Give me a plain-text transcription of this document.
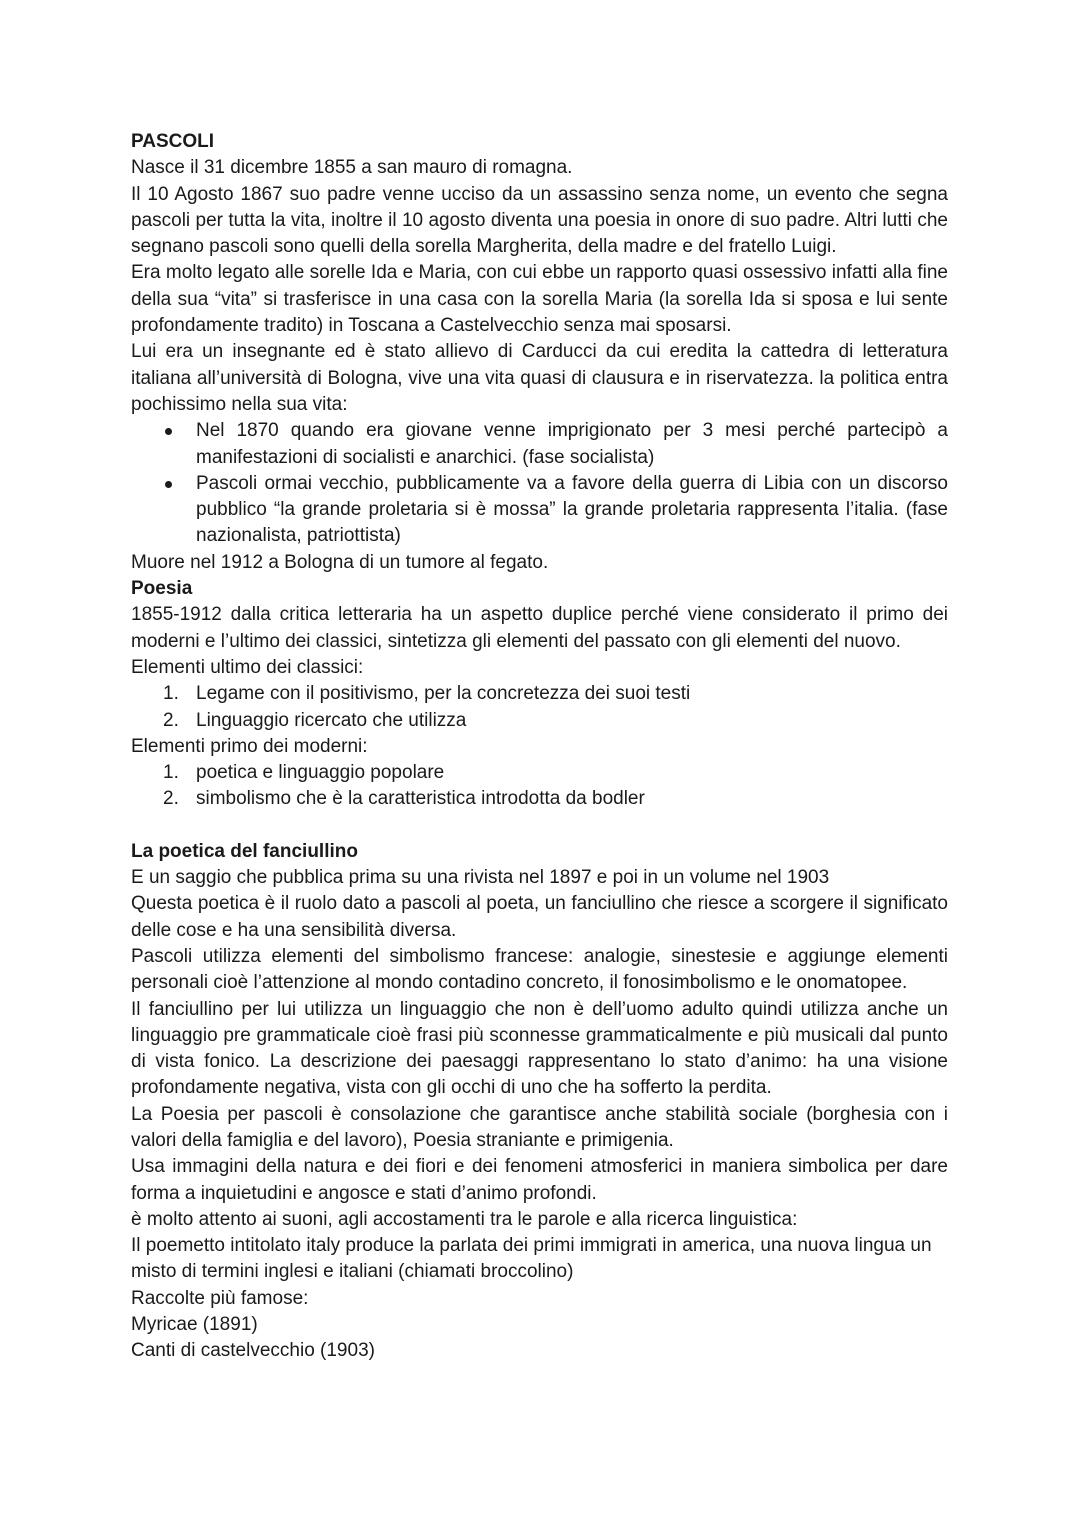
PASCOLI

Nasce il 31 dicembre 1855 a san mauro di romagna.

Il 10 Agosto 1867 suo padre venne ucciso da un assassino senza nome, un evento che segna pascoli per tutta la vita, inoltre il 10 agosto diventa una poesia in onore di suo padre. Altri lutti che segnano pascoli sono quelli della sorella Margherita, della madre e del fratello Luigi.

Era molto legato alle sorelle Ida e Maria, con cui ebbe un rapporto quasi ossessivo infatti alla fine della sua “vita” si trasferisce in una casa con la sorella Maria (la sorella Ida si sposa e lui sente profondamente tradito) in Toscana a Castelvecchio senza mai sposarsi.

Lui era un insegnante ed è stato allievo di Carducci da cui eredita la cattedra di letteratura italiana all’università di Bologna, vive una vita quasi di clausura e in riservatezza. la politica entra pochissimo nella sua vita:

Nel 1870 quando era giovane venne imprigionato per 3 mesi perché partecipò a manifestazioni di socialisti e anarchici. (fase socialista)
Pascoli ormai vecchio, pubblicamente va a favore della guerra di Libia con un discorso pubblico “la grande proletaria si è mossa” la grande proletaria rappresenta l’italia. (fase nazionalista, patriottista)

Muore nel 1912 a Bologna di un tumore al fegato.

Poesia

1855-1912 dalla critica letteraria ha un aspetto duplice perché viene considerato il primo dei moderni e l’ultimo dei classici, sintetizza gli elementi del passato con gli elementi del nuovo.

Elementi ultimo dei classici:

1. Legame con il positivismo, per la concretezza dei suoi testi
2. Linguaggio ricercato che utilizza

Elementi primo dei moderni:

1. poetica e linguaggio popolare
2. simbolismo che è la caratteristica introdotta da bodler

La poetica del fanciullino

E un saggio che pubblica prima su una rivista nel 1897 e poi in un volume nel 1903

Questa poetica è il ruolo dato a pascoli al poeta, un fanciullino che riesce a scorgere il significato delle cose e ha una sensibilità diversa.

Pascoli utilizza elementi del simbolismo francese: analogie, sinestesie e aggiunge elementi personali cioè l’attenzione al mondo contadino concreto, il fonosimbolismo e le onomatopee.

Il fanciullino per lui utilizza un linguaggio che non è dell’uomo adulto quindi utilizza anche un linguaggio pre grammaticale cioè frasi più sconnesse grammaticalmente e più musicali dal punto di vista fonico. La descrizione dei paesaggi rappresentano lo stato d’animo: ha una visione profondamente negativa, vista con gli occhi di uno che ha sofferto la perdita.

La Poesia per pascoli è consolazione che garantisce anche stabilità sociale (borghesia con i valori della famiglia e del lavoro), Poesia straniante e primigenia.

Usa immagini della natura e dei fiori e dei fenomeni atmosferici in maniera simbolica per dare forma a inquietudini e angosce e stati d’animo profondi.

è molto attento ai suoni, agli accostamenti tra le parole e alla ricerca linguistica:

Il poemetto intitolato italy produce la parlata dei primi immigrati in america, una nuova lingua un misto di termini inglesi e italiani (chiamati broccolino)

Raccolte più famose:

Myricae (1891)

Canti di castelvecchio (1903)
